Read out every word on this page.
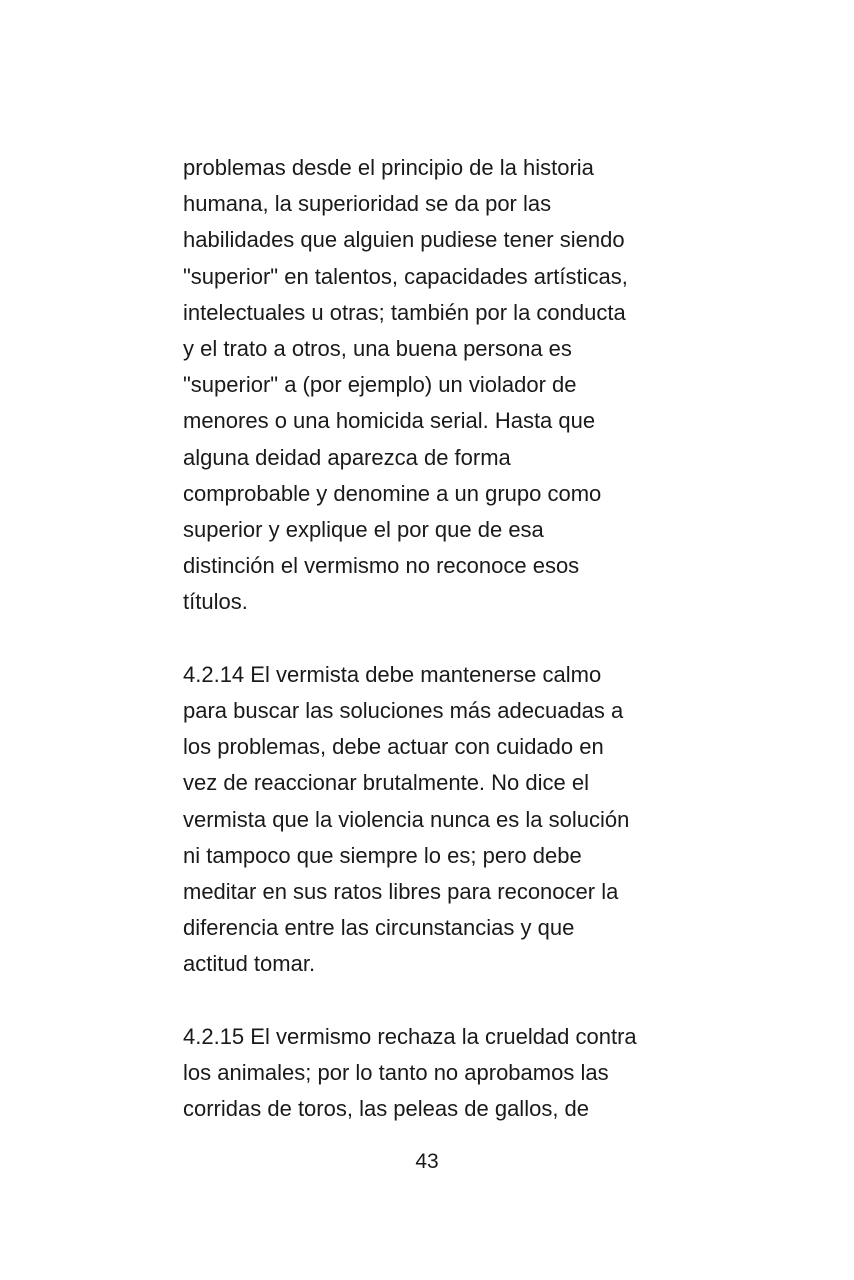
problemas desde el principio de la historia
humana, la superioridad se da por las
habilidades que alguien pudiese tener siendo
"superior" en talentos, capacidades artísticas,
intelectuales u otras; también por la conducta
y el trato a otros, una buena persona es
"superior" a (por ejemplo) un violador de
menores o una homicida serial. Hasta que
alguna deidad aparezca de forma
comprobable y denomine a un grupo como
superior y explique el por que de esa
distinción el vermismo no reconoce esos
títulos.
4.2.14 El vermista debe mantenerse calmo
para buscar las soluciones más adecuadas a
los problemas, debe actuar con cuidado en
vez de reaccionar brutalmente. No dice el
vermista que la violencia nunca es la solución
ni tampoco que siempre lo es; pero debe
meditar en sus ratos libres para reconocer la
diferencia entre las circunstancias y que
actitud tomar.
4.2.15 El vermismo rechaza la crueldad contra
los animales; por lo tanto no aprobamos las
corridas de toros, las peleas de gallos, de
43
